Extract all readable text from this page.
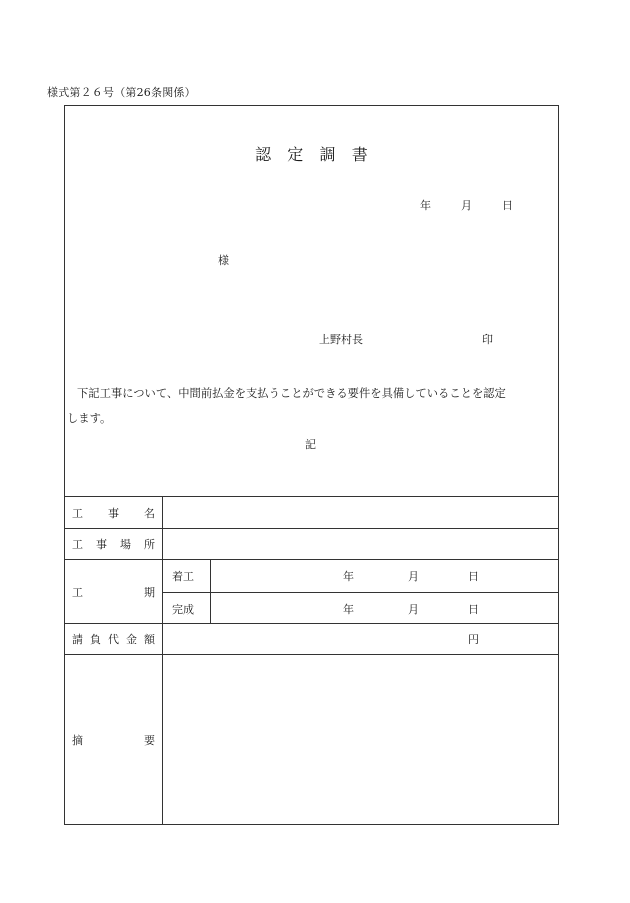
様式第２６号（第26条関係）
認 定 調 書
年	月	日
様
上野村長	印
下記工事について、中間前払金を支払うことができる要件を具備していることを認定
します。
記
工 事 名
工 事 場 所
工	期
着工	年	月	日
完成	年	月	日
請 負 代 金 額	円
摘	要
